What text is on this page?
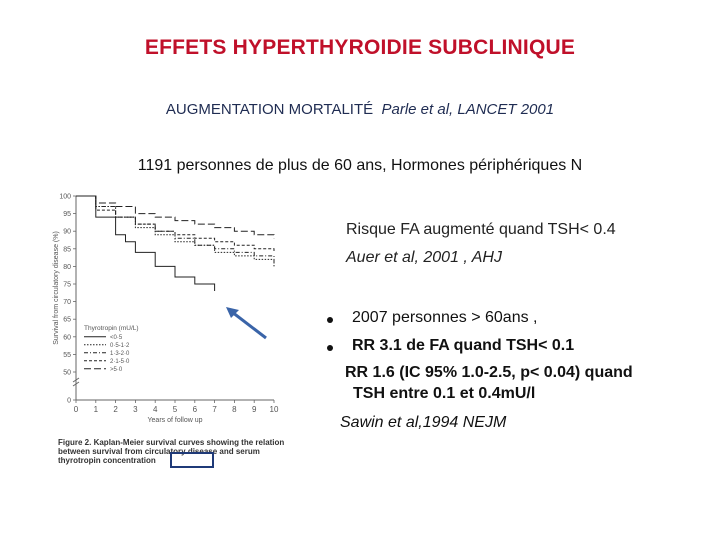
EFFETS HYPERTHYROIDIE SUBCLINIQUE
AUGMENTATION MORTALITÉ Parle et al, LANCET 2001
1191 personnes de plus de 60 ans, Hormones périphériques N
100
95
90
85
80
75
70
65
60
55
50
0
0 1 2 3 4 5 6 7 8 9 10
Thyrotropin (mU/L)
<0·5
0·5-1·2
1·3-2·0
2·1-5·0
>5·0
Survival from circulatory disease (%)
Years of follow up
Figure 2. Kaplan-Meier survival curves showing the relation
between survival from circulatory disease and serum
thyrotropin concentration
Risque FA augmenté quand TSH< 0.4
Auer et al, 2001 , AHJ
2007 personnes > 60ans ,
RR 3.1 de FA quand TSH< 0.1
RR 1.6 (IC 95% 1.0-2.5, p< 0.04) quand
TSH entre 0.1 et 0.4mU/l
Sawin et al,1994 NEJM
